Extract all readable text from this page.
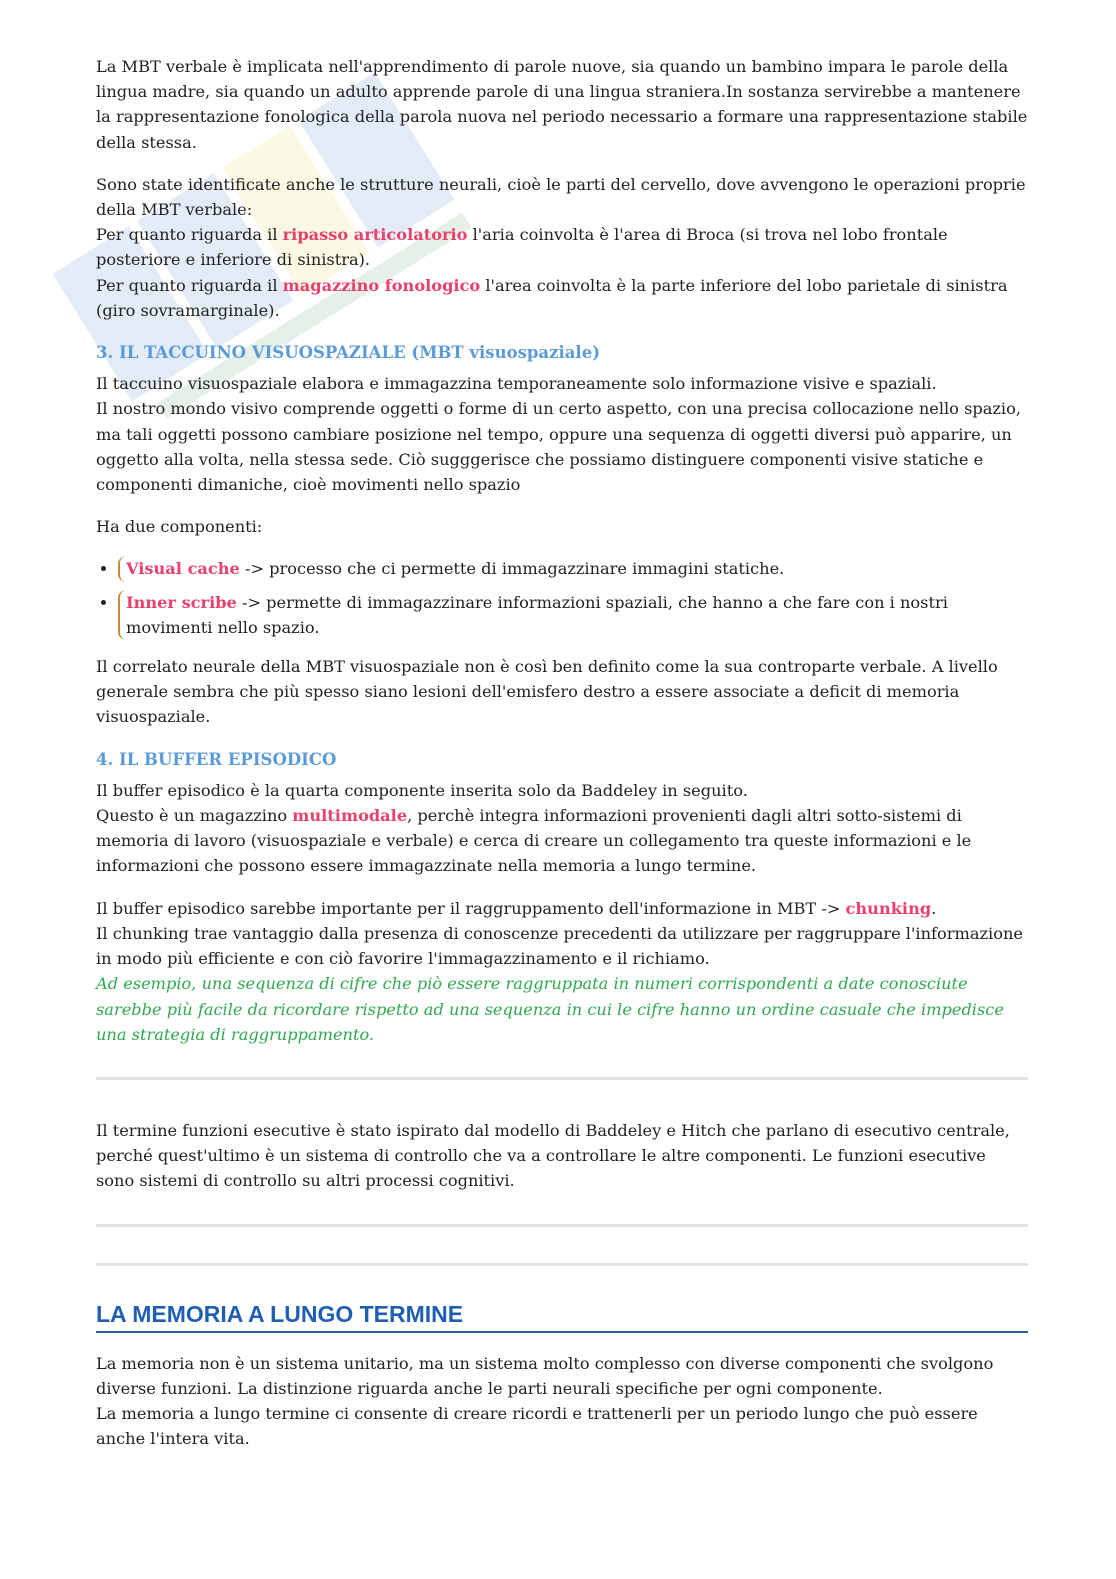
La MBT verbale è implicata nell'apprendimento di parole nuove, sia quando un bambino impara le parole della lingua madre, sia quando un adulto apprende parole di una lingua straniera.In sostanza servirebbe a mantenere la rappresentazione fonologica della parola nuova nel periodo necessario a formare una rappresentazione stabile della stessa.

Sono state identificate anche le strutture neurali, cioè le parti del cervello, dove avvengono le operazioni proprie della MBT verbale:
Per quanto riguarda il ripasso articolatorio l'aria coinvolta è l'area di Broca (si trova nel lobo frontale posteriore e inferiore di sinistra).
Per quanto riguarda il magazzino fonologico l'area coinvolta è la parte inferiore del lobo parietale di sinistra (giro sovramarginale).

3. IL TACCUINO VISUOSPAZIALE (MBT visuospaziale)

Il taccuino visuospaziale elabora e immagazzina temporaneamente solo informazione visive e spaziali.
Il nostro mondo visivo comprende oggetti o forme di un certo aspetto, con una precisa collocazione nello spazio, ma tali oggetti possono cambiare posizione nel tempo, oppure una sequenza di oggetti diversi può apparire, un oggetto alla volta, nella stessa sede. Ciò sugggerisce che possiamo distinguere componenti visive statiche e componenti dimaniche, cioè movimenti nello spazio

Ha due componenti:

• Visual cache -> processo che ci permette di immagazzinare immagini statiche.
• Inner scribe -> permette di immagazzinare informazioni spaziali, che hanno a che fare con i nostri movimenti nello spazio.

Il correlato neurale della MBT visuospaziale non è così ben definito come la sua controparte verbale. A livello generale sembra che più spesso siano lesioni dell'emisfero destro a essere associate a deficit di memoria visuospaziale.

4. IL BUFFER EPISODICO

Il buffer episodico è la quarta componente inserita solo da Baddeley in seguito.
Questo è un magazzino multimodale, perchè integra informazioni provenienti dagli altri sotto-sistemi di memoria di lavoro (visuospaziale e verbale) e cerca di creare un collegamento tra queste informazioni e le informazioni che possono essere immagazzinate nella memoria a lungo termine.

Il buffer episodico sarebbe importante per il raggruppamento dell'informazione in MBT -> chunking.
Il chunking trae vantaggio dalla presenza di conoscenze precedenti da utilizzare per raggruppare l'informazione in modo più efficiente e con ciò favorire l'immagazzinamento e il richiamo.
Ad esempio, una sequenza di cifre che piò essere raggruppata in numeri corrispondenti a date conosciute sarebbe più facile da ricordare rispetto ad una sequenza in cui le cifre hanno un ordine casuale che impedisce una strategia di raggruppamento.

Il termine funzioni esecutive è stato ispirato dal modello di Baddeley e Hitch che parlano di esecutivo centrale, perché quest'ultimo è un sistema di controllo che va a controllare le altre componenti. Le funzioni esecutive sono sistemi di controllo su altri processi cognitivi.

LA MEMORIA A LUNGO TERMINE

La memoria non è un sistema unitario, ma un sistema molto complesso con diverse componenti che svolgono diverse funzioni. La distinzione riguarda anche le parti neurali specifiche per ogni componente.
La memoria a lungo termine ci consente di creare ricordi e trattenerli per un periodo lungo che può essere anche l'intera vita.
